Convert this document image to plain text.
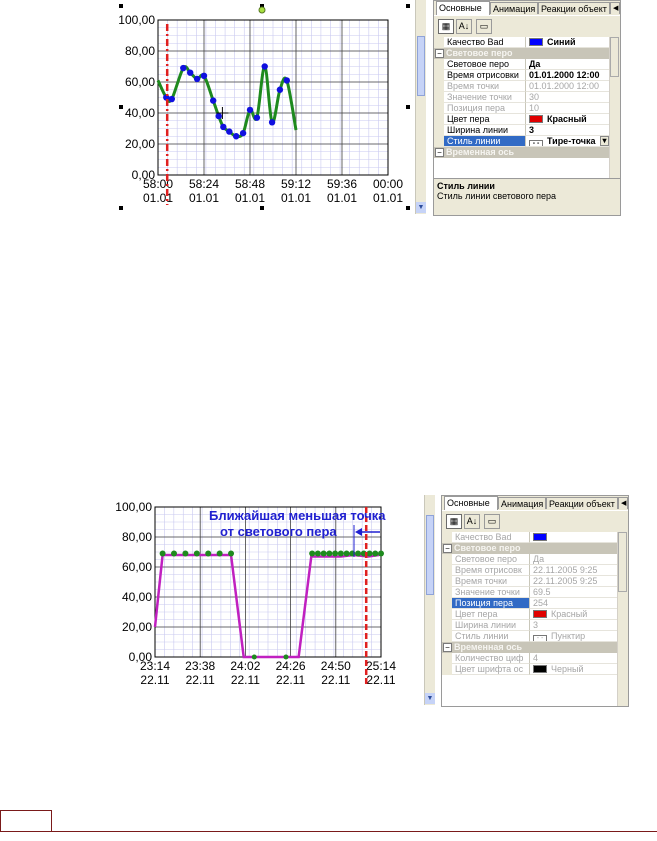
100,00
80,00
60,00
40,00
20,00
0,00
58:00
01.01
58:24
01.01
58:48
01.01
59:12
01.01
59:36
01.01
00:00
01.01
▼
Основные	Анимация Реакции объект ◀
▦ A↓	▭
Качество Bad	Синий
Световое перо
−
Световое перо	Да
Время отрисовки	01.01.2000 12:00
Время точки	01.01.2000 12:00
Значение точки	30
Позиция пера	10
Цвет пера	Красный
Ширина линии	3
Стиль линии	- - Тире-точка ▾
Временная ось
−
Стиль линии
Стиль линии светового пера
100,00
80,00
60,00
40,00
20,00
0,00
23:14
22.11
23:38
22.11
24:02
22.11
24:26
22.11
24:50
22.11
25:14
22.11
Ближайшая меньшая точка
от светового пера
▼
Основные	Анимация Реакции объект ◀
▦ A↓	▭
Качество Bad
Световое перо
−
Световое перо	Да
Время отрисовк	22.11.2005 9:25
Время точки	22.11.2005 9:25
Значение точки	69.5
Позиция пера	254
Цвет пера	Красный
Ширина линии	3
Стиль линии	- - Пунктир
Временная ось
−
Количество циф	4
Цвет шрифта ос	Черный
